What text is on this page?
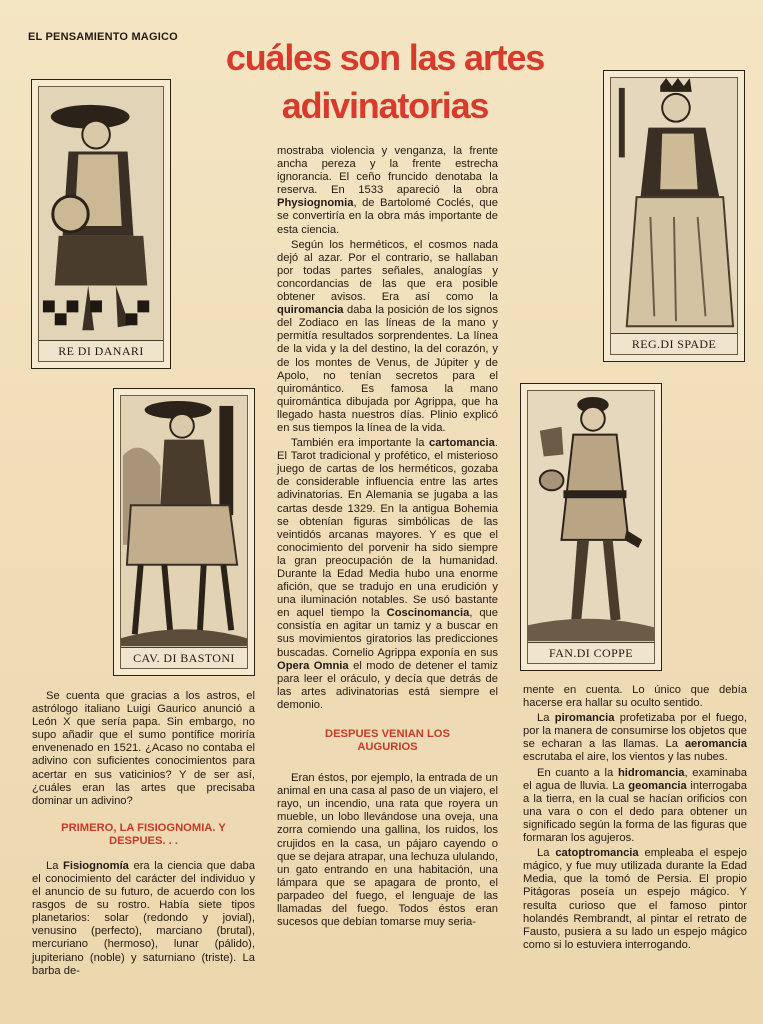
EL PENSAMIENTO MAGICO cuáles son las artes
adivinatorias
RE DI DANARI	REG.DI SPADE
CAV. DI BASTONI	FAN.DI COPPE

Se cuenta que gracias a los astros, el astrólogo italiano Luigi Gaurico anunció a León X que sería papa. Sin embargo, no supo añadir que el sumo pontífice moriría envenenado en 1521. ¿Acaso no contaba el adivino con suficientes conocimientos para acertar en sus vaticinios? Y de ser así, ¿cuáles eran las artes que precisaba dominar un adivino?

PRIMERO, LA FISIOGNOMIA. Y DESPUES. . .

La Fisiognomía era la ciencia que daba el conocimiento del carácter del individuo y el anuncio de su futuro, de acuerdo con los rasgos de su rostro. Había siete tipos planetarios: solar (redondo y jovial), venusino (perfecto), marciano (brutal), mercuriano (hermoso), lunar (pálido), jupiteriano (noble) y saturniano (triste). La barba de-

mostraba violencia y venganza, la frente ancha pereza y la frente estrecha ignorancia. El ceño fruncido denotaba la reserva. En 1533 apareció la obra Physiognomia, de Bartolomé Coclés, que se convertiría en la obra más importante de esta ciencia.

Según los herméticos, el cosmos nada dejó al azar. Por el contrario, se hallaban por todas partes señales, analogías y concordancias de las que era posible obtener avisos. Era así como la quiromancia daba la posición de los signos del Zodiaco en las líneas de la mano y permitía resultados sorprendentes. La línea de la vida y la del destino, la del corazón, y de los montes de Venus, de Júpiter y de Apolo, no tenían secretos para el quiromántico. Es famosa la mano quiromántica dibujada por Agrippa, que ha llegado hasta nuestros días. Plinio explicó en sus tiempos la línea de la vida.

También era importante la cartomancia. El Tarot tradicional y profético, el misterioso juego de cartas de los herméticos, gozaba de considerable influencia entre las artes adivinatorias. En Alemania se jugaba a las cartas desde 1329. En la antigua Bohemia se obtenían figuras simbólicas de las veintidós arcanas mayores. Y es que el conocimiento del porvenir ha sido siempre la gran preocupación de la humanidad. Durante la Edad Media hubo una enorme afición, que se tradujo en una erudición y una iluminación notables. Se usó bastante en aquel tiempo la Coscinomancia, que consistía en agitar un tamiz y a buscar en sus movimientos giratorios las predicciones buscadas. Cornelio Agrippa exponía en sus Opera Omnia el modo de detener el tamiz para leer el oráculo, y decía que detrás de las artes adivinatorias está siempre el demonio.

DESPUES VENIAN LOS AUGURIOS

Eran éstos, por ejemplo, la entrada de un animal en una casa al paso de un viajero, el rayo, un incendio, una rata que royera un mueble, un lobo llevándose una oveja, una zorra comiendo una gallina, los ruidos, los crujidos en la casa, un pájaro cayendo o que se dejara atrapar, una lechuza ululando, un gato entrando en una habitación, una lámpara que se apagara de pronto, el parpadeo del fuego, el lenguaje de las llamadas del fuego. Todos éstos eran sucesos que debían tomarse muy seria-

mente en cuenta. Lo único que debía hacerse era hallar su oculto sentido.

La piromancia profetizaba por el fuego, por la manera de consumirse los objetos que se echaran a las llamas. La aeromancia escrutaba el aire, los vientos y las nubes.

En cuanto a la hidromancia, examinaba el agua de lluvia. La geomancia interrogaba a la tierra, en la cual se hacían orificios con una vara o con el dedo para obtener un significado según la forma de las figuras que formaran los agujeros.

La catoptromancia empleaba el espejo mágico, y fue muy utilizada durante la Edad Media, que la tomó de Persia. El propio Pitágoras poseía un espejo mágico. Y resulta curioso que el famoso pintor holandés Rembrandt, al pintar el retrato de Fausto, pusiera a su lado un espejo mágico como si lo estuviera interrogando.
